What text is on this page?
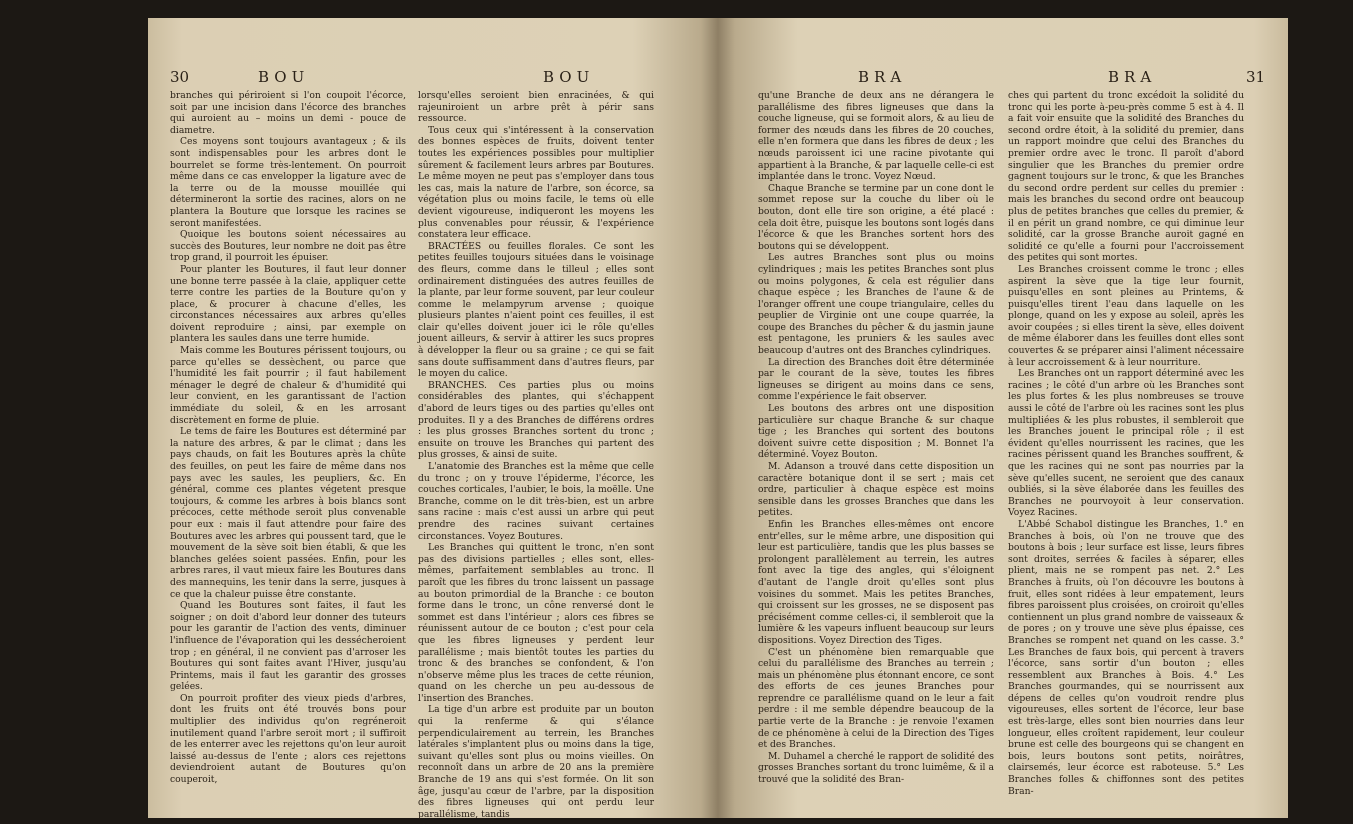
30	BOU	BOU

branches qui périroient si l'on coupoit l'écorce, soit par une incision dans l'écorce des branches qui auroient au – moins un demi - pouce de diametre.

Ces moyens sont toujours avantageux ; & ils sont indispensables pour les arbres dont le bourrelet se forme très-lentement. On pourroit même dans ce cas envelopper la ligature avec de la terre ou de la mousse mouillée qui détermineront la sortie des racines, alors on ne plantera la Bouture que lorsque les racines se seront manifestées.

Quoique les boutons soient nécessaires au succès des Boutures, leur nombre ne doit pas être trop grand, il pourroit les épuiser.

Pour planter les Boutures, il faut leur donner une bonne terre passée à la claie, appliquer cette terre contre les parties de la Bouture qu'on y place, & procurer à chacune d'elles, les circonstances nécessaires aux arbres qu'elles doivent reproduire ; ainsi, par exemple on plantera les saules dans une terre humide.

Mais comme les Boutures périssent toujours, ou parce qu'elles se dessèchent, ou parce que l'humidité les fait pourrir ; il faut habilement ménager le degré de chaleur & d'humidité qui leur convient, en les garantissant de l'action immédiate du soleil, & en les arrosant discrètement en forme de pluie.

Le tems de faire les Boutures est déterminé par la nature des arbres, & par le climat ; dans les pays chauds, on fait les Boutures après la chûte des feuilles, on peut les faire de même dans nos pays avec les saules, les peupliers, &c. En général, comme ces plantes végetent presque toujours, & comme les arbres à bois blancs sont précoces, cette méthode seroit plus convenable pour eux : mais il faut attendre pour faire des Boutures avec les arbres qui poussent tard, que le mouvement de la sève soit bien établi, & que les blanches gelées soient passées. Enfin, pour les arbres rares, il vaut mieux faire les Boutures dans des mannequins, les tenir dans la serre, jusques à ce que la chaleur puisse être constante.

Quand les Boutures sont faites, il faut les soigner ; on doit d'abord leur donner des tuteurs pour les garantir de l'action des vents, diminuer l'influence de l'évaporation qui les dessécheroient trop ; en général, il ne convient pas d'arroser les Boutures qui sont faites avant l'Hiver, jusqu'au Printems, mais il faut les garantir des grosses gelées.

On pourroit profiter des vieux pieds d'arbres, dont les fruits ont été trouvés bons pour multiplier des individus qu'on regréneroit inutilement quand l'arbre seroit mort ; il suffiroit de les enterrer avec les rejettons qu'on leur auroit laissé au-dessus de l'ente ; alors ces rejettons deviendroient autant de Boutures qu'on couperoit,

lorsqu'elles seroient bien enracinées, & qui rajeuniroient un arbre prêt à périr sans ressource.

Tous ceux qui s'intéressent à la conservation des bonnes espèces de fruits, doivent tenter toutes les expériences possibles pour multiplier sûrement & facilement leurs arbres par Boutures. Le même moyen ne peut pas s'employer dans tous les cas, mais la nature de l'arbre, son écorce, sa végétation plus ou moins facile, le tems où elle devient vigoureuse, indiqueront les moyens les plus convenables pour réussir, & l'expérience constatera leur efficace.

BRACTÉES ou feuilles florales. Ce sont les petites feuilles toujours situées dans le voisinage des fleurs, comme dans le tilleul ; elles sont ordinairement distinguées des autres feuilles de la plante, par leur forme souvent, par leur couleur comme le melampyrum arvense ; quoique plusieurs plantes n'aient point ces feuilles, il est clair qu'elles doivent jouer ici le rôle qu'elles jouent ailleurs, & servir à attirer les sucs propres à développer la fleur ou sa graine ; ce qui se fait sans doute suffisamment dans d'autres fleurs, par le moyen du calice.

BRANCHES. Ces parties plus ou moins considérables des plantes, qui s'échappent d'abord de leurs tiges ou des parties qu'elles ont produites. Il y a des Branches de différens ordres : les plus grosses Branches sortent du tronc ; ensuite on trouve les Branches qui partent des plus grosses, & ainsi de suite.

L'anatomie des Branches est la même que celle du tronc ; on y trouve l'épiderme, l'écorce, les couches corticales, l'aubier, le bois, la moëlle. Une Branche, comme on le dit très-bien, est un arbre sans racine : mais c'est aussi un arbre qui peut prendre des racines suivant certaines circonstances. Voyez Boutures.

Les Branches qui quittent le tronc, n'en sont pas des divisions partielles ; elles sont, elles-mêmes, parfaitement semblables au tronc. Il paroît que les fibres du tronc laissent un passage au bouton primordial de la Branche : ce bouton forme dans le tronc, un cône renversé dont le sommet est dans l'intérieur ; alors ces fibres se réunissent autour de ce bouton ; c'est pour cela que les fibres ligneuses y perdent leur parallélisme ; mais bientôt toutes les parties du tronc & des branches se confondent, & l'on n'observe même plus les traces de cette réunion, quand on les cherche un peu au-dessous de l'insertion des Branches.

La tige d'un arbre est produite par un bouton qui la renferme & qui s'élance perpendiculairement au terrein, les Branches latérales s'implantent plus ou moins dans la tige, suivant qu'elles sont plus ou moins vieilles. On reconnoît dans un arbre de 20 ans la première Branche de 19 ans qui s'est formée. On lit son âge, jusqu'au cœur de l'arbre, par la disposition des fibres ligneuses qui ont perdu leur parallélisme, tandis

BRA	BRA	31

qu'une Branche de deux ans ne dérangera le parallélisme des fibres ligneuses que dans la couche ligneuse, qui se formoit alors, & au lieu de former des nœuds dans les fibres de 20 couches, elle n'en formera que dans les fibres de deux ; les nœuds paroissent ici une racine pivotante qui appartient à la Branche, & par laquelle celle-ci est implantée dans le tronc. Voyez Nœud.

Chaque Branche se termine par un cone dont le sommet repose sur la couche du liber où le bouton, dont elle tire son origine, a été placé : cela doit être, puisque les boutons sont logés dans l'écorce & que les Branches sortent hors des boutons qui se développent.

Les autres Branches sont plus ou moins cylindriques ; mais les petites Branches sont plus ou moins polygones, & cela est régulier dans chaque espèce ; les Branches de l'aune & de l'oranger offrent une coupe triangulaire, celles du peuplier de Virginie ont une coupe quarrée, la coupe des Branches du pêcher & du jasmin jaune est pentagone, les pruniers & les saules avec beaucoup d'autres ont des Branches cylindriques.

La direction des Branches doit être déterminée par le courant de la sève, toutes les fibres ligneuses se dirigent au moins dans ce sens, comme l'expérience le fait observer.

Les boutons des arbres ont une disposition particulière sur chaque Branche & sur chaque tige ; les Branches qui sortent des boutons doivent suivre cette disposition ; M. Bonnet l'a déterminé. Voyez Bouton.

M. Adanson a trouvé dans cette disposition un caractère botanique dont il se sert ; mais cet ordre, particulier à chaque espèce est moins sensible dans les grosses Branches que dans les petites.

Enfin les Branches elles-mêmes ont encore entr'elles, sur le même arbre, une disposition qui leur est particulière, tandis que les plus basses se prolongent parallèlement au terrein, les autres font avec la tige des angles, qui s'éloignent d'autant de l'angle droit qu'elles sont plus voisines du sommet. Mais les petites Branches, qui croissent sur les grosses, ne se disposent pas précisément comme celles-ci, il sembleroit que la lumière & les vapeurs influent beaucoup sur leurs dispositions. Voyez Direction des Tiges.

C'est un phénomène bien remarquable que celui du parallélisme des Branches au terrein ; mais un phénomène plus étonnant encore, ce sont des efforts de ces jeunes Branches pour reprendre ce parallélisme quand on le leur a fait perdre : il me semble dépendre beaucoup de la partie verte de la Branche : je renvoie l'examen de ce phénomène à celui de la Direction des Tiges et des Branches.

M. Duhamel a cherché le rapport de solidité des grosses Branches sortant du tronc luimême, & il a trouvé que la solidité des Bran-

ches qui partent du tronc excédoit la solidité du tronc qui les porte à-peu-près comme 5 est à 4. Il a fait voir ensuite que la solidité des Branches du second ordre étoit, à la solidité du premier, dans un rapport moindre que celui des Branches du premier ordre avec le tronc. Il paroît d'abord singulier que les Branches du premier ordre gagnent toujours sur le tronc, & que les Branches du second ordre perdent sur celles du premier : mais les branches du second ordre ont beaucoup plus de petites branches que celles du premier, & il en périt un grand nombre, ce qui diminue leur solidité, car la grosse Branche auroit gagné en solidité ce qu'elle a fourni pour l'accroissement des petites qui sont mortes.

Les Branches croissent comme le tronc ; elles aspirent la sève que la tige leur fournit, puisqu'elles en sont pleines au Printems, & puisqu'elles tirent l'eau dans laquelle on les plonge, quand on les y expose au soleil, après les avoir coupées ; si elles tirent la sève, elles doivent de même élaborer dans les feuilles dont elles sont couvertes & se préparer ainsi l'aliment nécessaire à leur accroissement & à leur nourriture.

Les Branches ont un rapport déterminé avec les racines ; le côté d'un arbre où les Branches sont les plus fortes & les plus nombreuses se trouve aussi le côté de l'arbre où les racines sont les plus multipliées & les plus robustes, il sembleroit que les Branches jouent le principal rôle ; il est évident qu'elles nourrissent les racines, que les racines périssent quand les Branches souffrent, & que les racines qui ne sont pas nourries par la sève qu'elles sucent, ne seroient que des canaux oubliés, si la sève élaborée dans les feuilles des Branches ne pourvoyoit à leur conservation. Voyez Racines.

L'Abbé Schabol distingue les Branches, 1.° en Branches à bois, où l'on ne trouve que des boutons à bois ; leur surface est lisse, leurs fibres sont droites, serrées & faciles à séparer, elles plient, mais ne se rompent pas net. 2.° Les Branches à fruits, où l'on découvre les boutons à fruit, elles sont ridées à leur empatement, leurs fibres paroissent plus croisées, on croiroit qu'elles contiennent un plus grand nombre de vaisseaux & de pores ; on y trouve une sève plus épaisse, ces Branches se rompent net quand on les casse. 3.° Les Branches de faux bois, qui percent à travers l'écorce, sans sortir d'un bouton ; elles ressemblent aux Branches à Bois. 4.° Les Branches gourmandes, qui se nourrissent aux dépens de celles qu'on voudroit rendre plus vigoureuses, elles sortent de l'écorce, leur base est très-large, elles sont bien nourries dans leur longueur, elles croîtent rapidement, leur couleur brune est celle des bourgeons qui se changent en bois, leurs boutons sont petits, noirâtres, clairsemés, leur écorce est raboteuse. 5.° Les Branches folles & chiffonnes sont des petites Bran-
